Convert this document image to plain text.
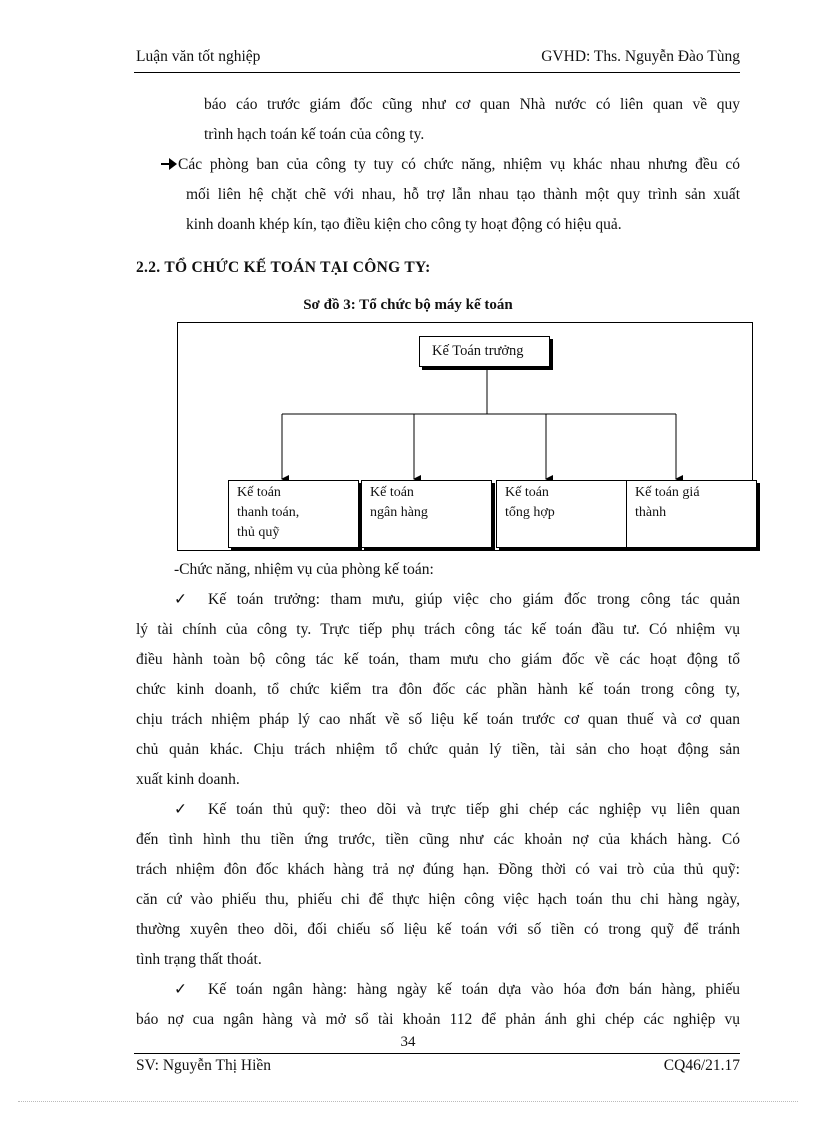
Luận văn tốt nghiệp	GVHD: Ths. Nguyễn Đào Tùng
báo cáo trước giám đốc cũng như cơ quan Nhà nước có liên quan về quy
trình hạch toán kế toán của công ty.
Các phòng ban của công ty tuy có chức năng, nhiệm vụ khác nhau nhưng đều có
mối liên hệ chặt chẽ với nhau, hỗ trợ lẫn nhau tạo thành một quy trình sản xuất
kinh doanh khép kín, tạo điều kiện cho công ty hoạt động có hiệu quả.
2.2. TỔ CHỨC KẾ TOÁN TẠI CÔNG TY:
Sơ đồ 3: Tổ chức bộ máy kế toán
Kế Toán trưởng
Kế toán
thanh toán,
thủ quỹ
Kế toán
ngân hàng
Kế toán
tổng hợp
Kế toán giá
thành
-Chức năng, nhiệm vụ của phòng kế toán:
✓ Kế toán trưởng: tham mưu, giúp việc cho giám đốc trong công tác quản
lý tài chính của công ty. Trực tiếp phụ trách công tác kế toán đầu tư. Có nhiệm vụ
điều hành toàn bộ công tác kế toán, tham mưu cho giám đốc về các hoạt động tổ
chức kinh doanh, tổ chức kiểm tra đôn đốc các phần hành kế toán trong công ty,
chịu trách nhiệm pháp lý cao nhất về số liệu kế toán trước cơ quan thuế và cơ quan
chủ quản khác. Chịu trách nhiệm tổ chức quản lý tiền, tài sản cho hoạt động sản
xuất kinh doanh.
✓ Kế toán thủ quỹ: theo dõi và trực tiếp ghi chép các nghiệp vụ liên quan
đến tình hình thu tiền ứng trước, tiền cũng như các khoản nợ của khách hàng. Có
trách nhiệm đôn đốc khách hàng trả nợ đúng hạn. Đồng thời có vai trò của thủ quỹ:
căn cứ vào phiếu thu, phiếu chi để thực hiện công việc hạch toán thu chi hàng ngày,
thường xuyên theo dõi, đối chiếu số liệu kế toán với số tiền có trong quỹ để tránh
tình trạng thất thoát.
✓ Kế toán ngân hàng: hàng ngày kế toán dựa vào hóa đơn bán hàng, phiếu
báo nợ cua ngân hàng và mở sổ tài khoản 112 để phản ánh ghi chép các nghiệp vụ
34
SV: Nguyễn Thị Hiền	CQ46/21.17
